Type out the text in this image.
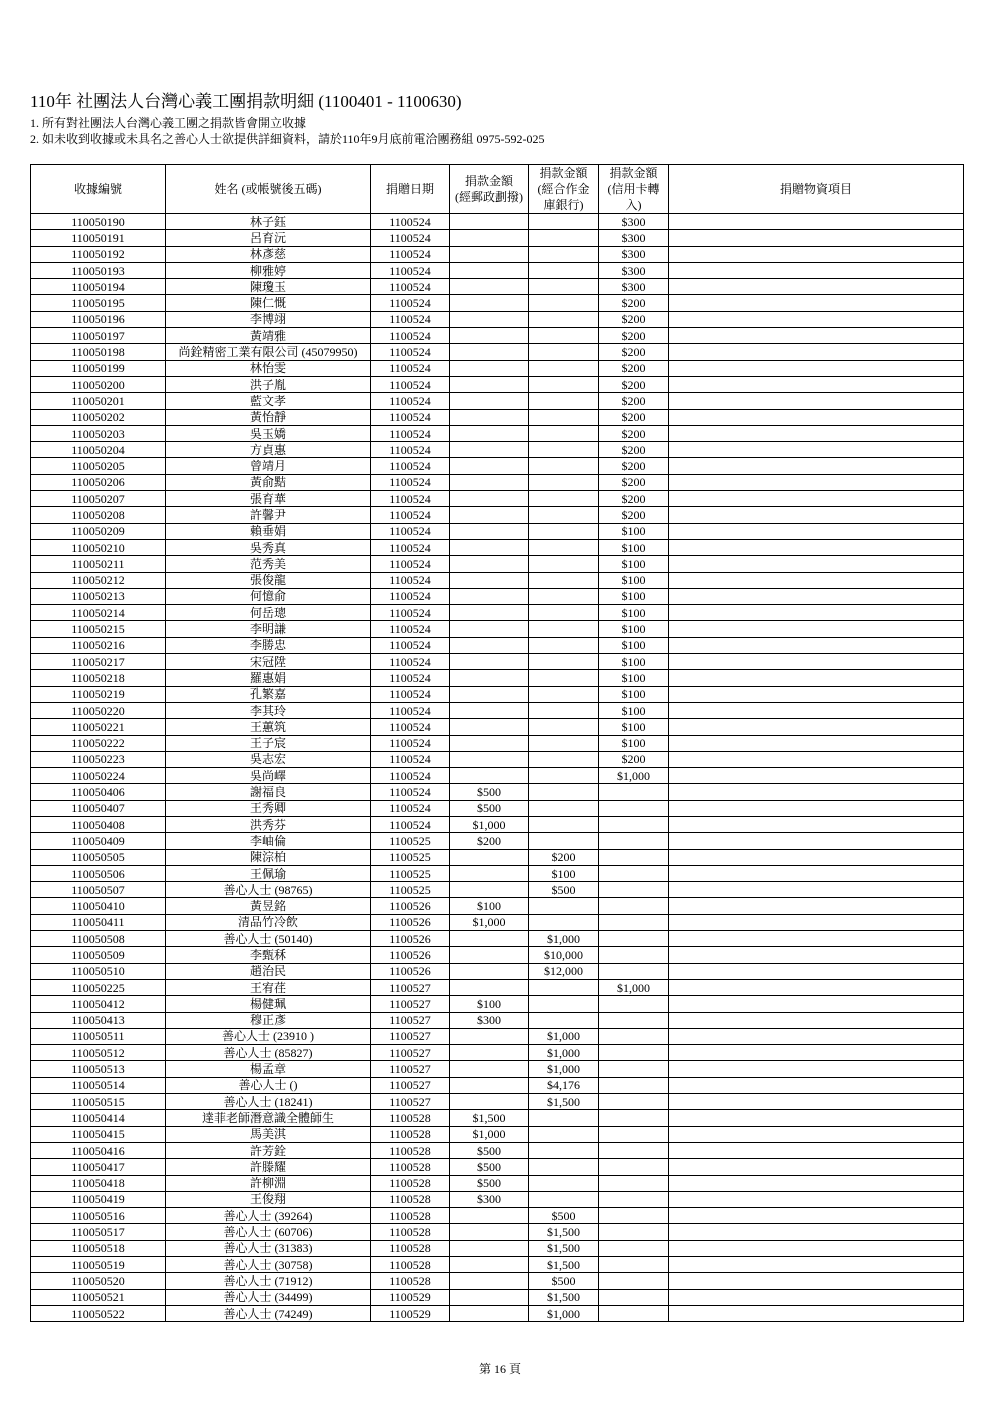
110年 社團法人台灣心義工團捐款明細 (1100401 - 1100630)
1. 所有對社團法人台灣心義工團之捐款皆會開立收據
2. 如未收到收據或未具名之善心人士欲提供詳細資料，請於110年9月底前電洽團務組 0975-592-025
收據編號	姓名 (或帳號後五碼)	捐贈日期	捐款金額
(經郵政劃撥)	捐款金額
(經合作金
庫銀行)	捐款金額
(信用卡轉
入)	捐贈物資項目

110050190	林子鈺	1100524			$300	
110050191	呂育沅	1100524			$300	
110050192	林彥慈	1100524			$300	
110050193	柳雅婷	1100524			$300	
110050194	陳瓊玉	1100524			$300	
110050195	陳仁慨	1100524			$200	
110050196	李博翊	1100524			$200	
110050197	黃靖雅	1100524			$200	
110050198	尚銓精密工業有限公司 (45079950)	1100524			$200	
110050199	林怡雯	1100524			$200	
110050200	洪子胤	1100524			$200	
110050201	藍文孝	1100524			$200	
110050202	黃怡靜	1100524			$200	
110050203	吳玉嬌	1100524			$200	
110050204	方貞惠	1100524			$200	
110050205	曾靖月	1100524			$200	
110050206	黃俞黠	1100524			$200	
110050207	張育華	1100524			$200	
110050208	許馨尹	1100524			$200	
110050209	賴垂娟	1100524			$100	
110050210	吳秀真	1100524			$100	
110050211	范秀美	1100524			$100	
110050212	張俊龍	1100524			$100	
110050213	何憶俞	1100524			$100	
110050214	何岳璁	1100524			$100	
110050215	李明謙	1100524			$100	
110050216	李勝忠	1100524			$100	
110050217	宋冠陞	1100524			$100	
110050218	羅惠娟	1100524			$100	
110050219	孔繁嘉	1100524			$100	
110050220	李其玲	1100524			$100	
110050221	王蕙筑	1100524			$100	
110050222	王子宸	1100524			$100	
110050223	吳志宏	1100524			$200	
110050224	吳尚嶧	1100524			$1,000	
110050406	謝福良	1100524	$500			
110050407	王秀卿	1100524	$500			
110050408	洪秀芬	1100524	$1,000			
110050409	李岫倫	1100525	$200			
110050505	陳淙柏	1100525		$200		
110050506	王佩瑜	1100525		$100		
110050507	善心人士 (98765)	1100525		$500		
110050410	黃昱銘	1100526	$100			
110050411	清品竹冷飲	1100526	$1,000			
110050508	善心人士 (50140)	1100526		$1,000		
110050509	李甄秝	1100526		$10,000		
110050510	趙治民	1100526		$12,000		
110050225	王宥荏	1100527			$1,000	
110050412	楊健珮	1100527	$100			
110050413	穆正彥	1100527	$300			
110050511	善心人士 (23910 )	1100527		$1,000		
110050512	善心人士 (85827)	1100527		$1,000		
110050513	楊孟章	1100527		$1,000		
110050514	善心人士 ()	1100527		$4,176		
110050515	善心人士 (18241)	1100527		$1,500		
110050414	達菲老師潛意識全體師生	1100528	$1,500			
110050415	馬美淇	1100528	$1,000			
110050416	許芳銓	1100528	$500			
110050417	許滕耀	1100528	$500			
110050418	許柳淵	1100528	$500			
110050419	王俊翔	1100528	$300			
110050516	善心人士 (39264)	1100528		$500		
110050517	善心人士 (60706)	1100528		$1,500		
110050518	善心人士 (31383)	1100528		$1,500		
110050519	善心人士 (30758)	1100528		$1,500		
110050520	善心人士 (71912)	1100528		$500		
110050521	善心人士 (34499)	1100529		$1,500		
110050522	善心人士 (74249)	1100529		$1,000		
第 16 頁
